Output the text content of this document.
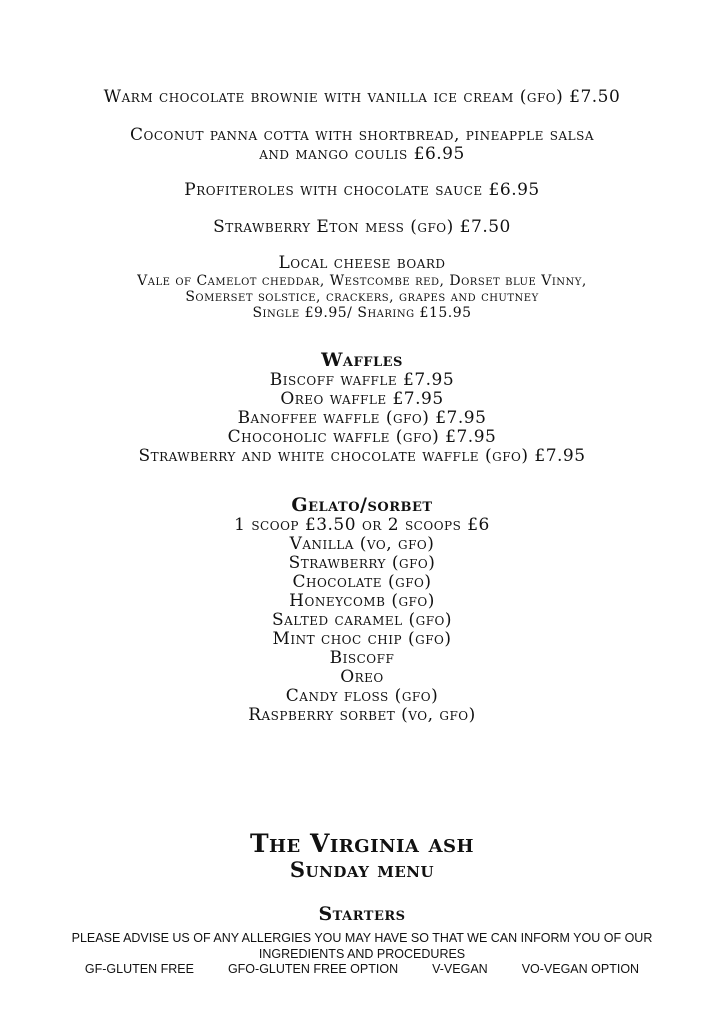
Warm chocolate brownie with vanilla ice cream (gfo) £7.50
Coconut panna cotta with shortbread, pineapple salsa
and mango coulis £6.95
Profiteroles with chocolate sauce £6.95
Strawberry Eton mess (gfo) £7.50
Local cheese board
Vale of Camelot cheddar, Westcombe red, Dorset blue Vinny,
Somerset solstice, crackers, grapes and chutney
Single £9.95/ Sharing £15.95
Waffles
Biscoff waffle £7.95
Oreo waffle £7.95
Banoffee waffle (gfo) £7.95
Chocoholic waffle (gfo) £7.95
Strawberry and white chocolate waffle (gfo) £7.95
Gelato/sorbet
1 scoop £3.50 or 2 scoops £6
Vanilla (vo, gfo)
Strawberry (gfo)
Chocolate (gfo)
Honeycomb (gfo)
Salted caramel (gfo)
Mint choc chip (gfo)
Biscoff
Oreo
Candy floss (gfo)
Raspberry sorbet (vo, gfo)
The Virginia ash
Sunday menu
Starters
PLEASE ADVISE US OF ANY ALLERGIES YOU MAY HAVE SO THAT WE CAN INFORM YOU OF OUR
INGREDIENTS AND PROCEDURES
GF-GLUTEN FREE	GFO-GLUTEN FREE OPTION	V-VEGAN	VO-VEGAN OPTION
